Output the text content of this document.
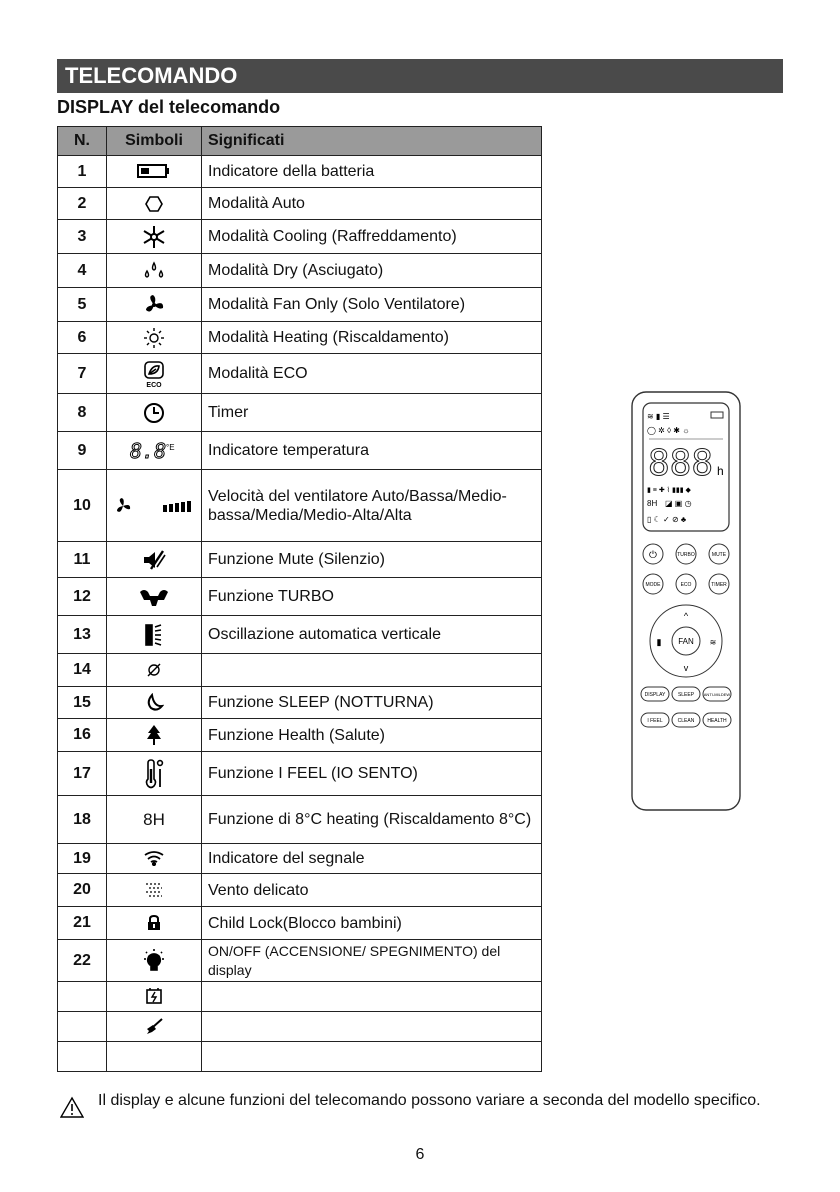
TELECOMANDO
DISPLAY del telecomando
N.	Simboli	Significati
1		Indicatore della batteria
2		Modalità Auto
3		Modalità Cooling (Raffreddamento)
4		Modalità Dry (Asciugato)
5		Modalità Fan Only (Solo Ventilatore)
6		Modalità Heating (Riscaldamento)
7	ECO	Modalità ECO
8		Timer
9	8.8 °E	Indicatore temperatura
10		Velocità del ventilatore Auto/Bassa/Medio-bassa/Media/Medio-Alta/Alta
11		Funzione Mute (Silenzio)
12		Funzione TURBO
13		Oscillazione automatica verticale
14		
15		Funzione SLEEP (NOTTURNA)
16		Funzione Health (Salute)
17		Funzione I FEEL (IO SENTO)
18	8H	Funzione di 8°C heating (Riscaldamento 8°C)
19		Indicatore del segnale
20		Vento delicato
21		Child Lock(Blocco bambini)
22		ON/OFF (ACCENSIONE/ SPEGNIMENTO) del display

≋ ▮ ☰
◯ ✲ ◊ ✱ ☼
888 h
▮ ≡ ✚ ⌇ ▮▮▮ ◆
8H ◪ ▣ ◷
▯ ☾ ✓ ⊘ ♣
⏻	TURBO	MUTE
MODE	ECO	TIMER
FAN
^
v
▮	≋
DISPLAY	SLEEP ANTI-MILDEW
I FEEL	CLEAN	HEALTH

Il display e alcune funzioni del telecomando possono variare a seconda del modello specifico.

6
